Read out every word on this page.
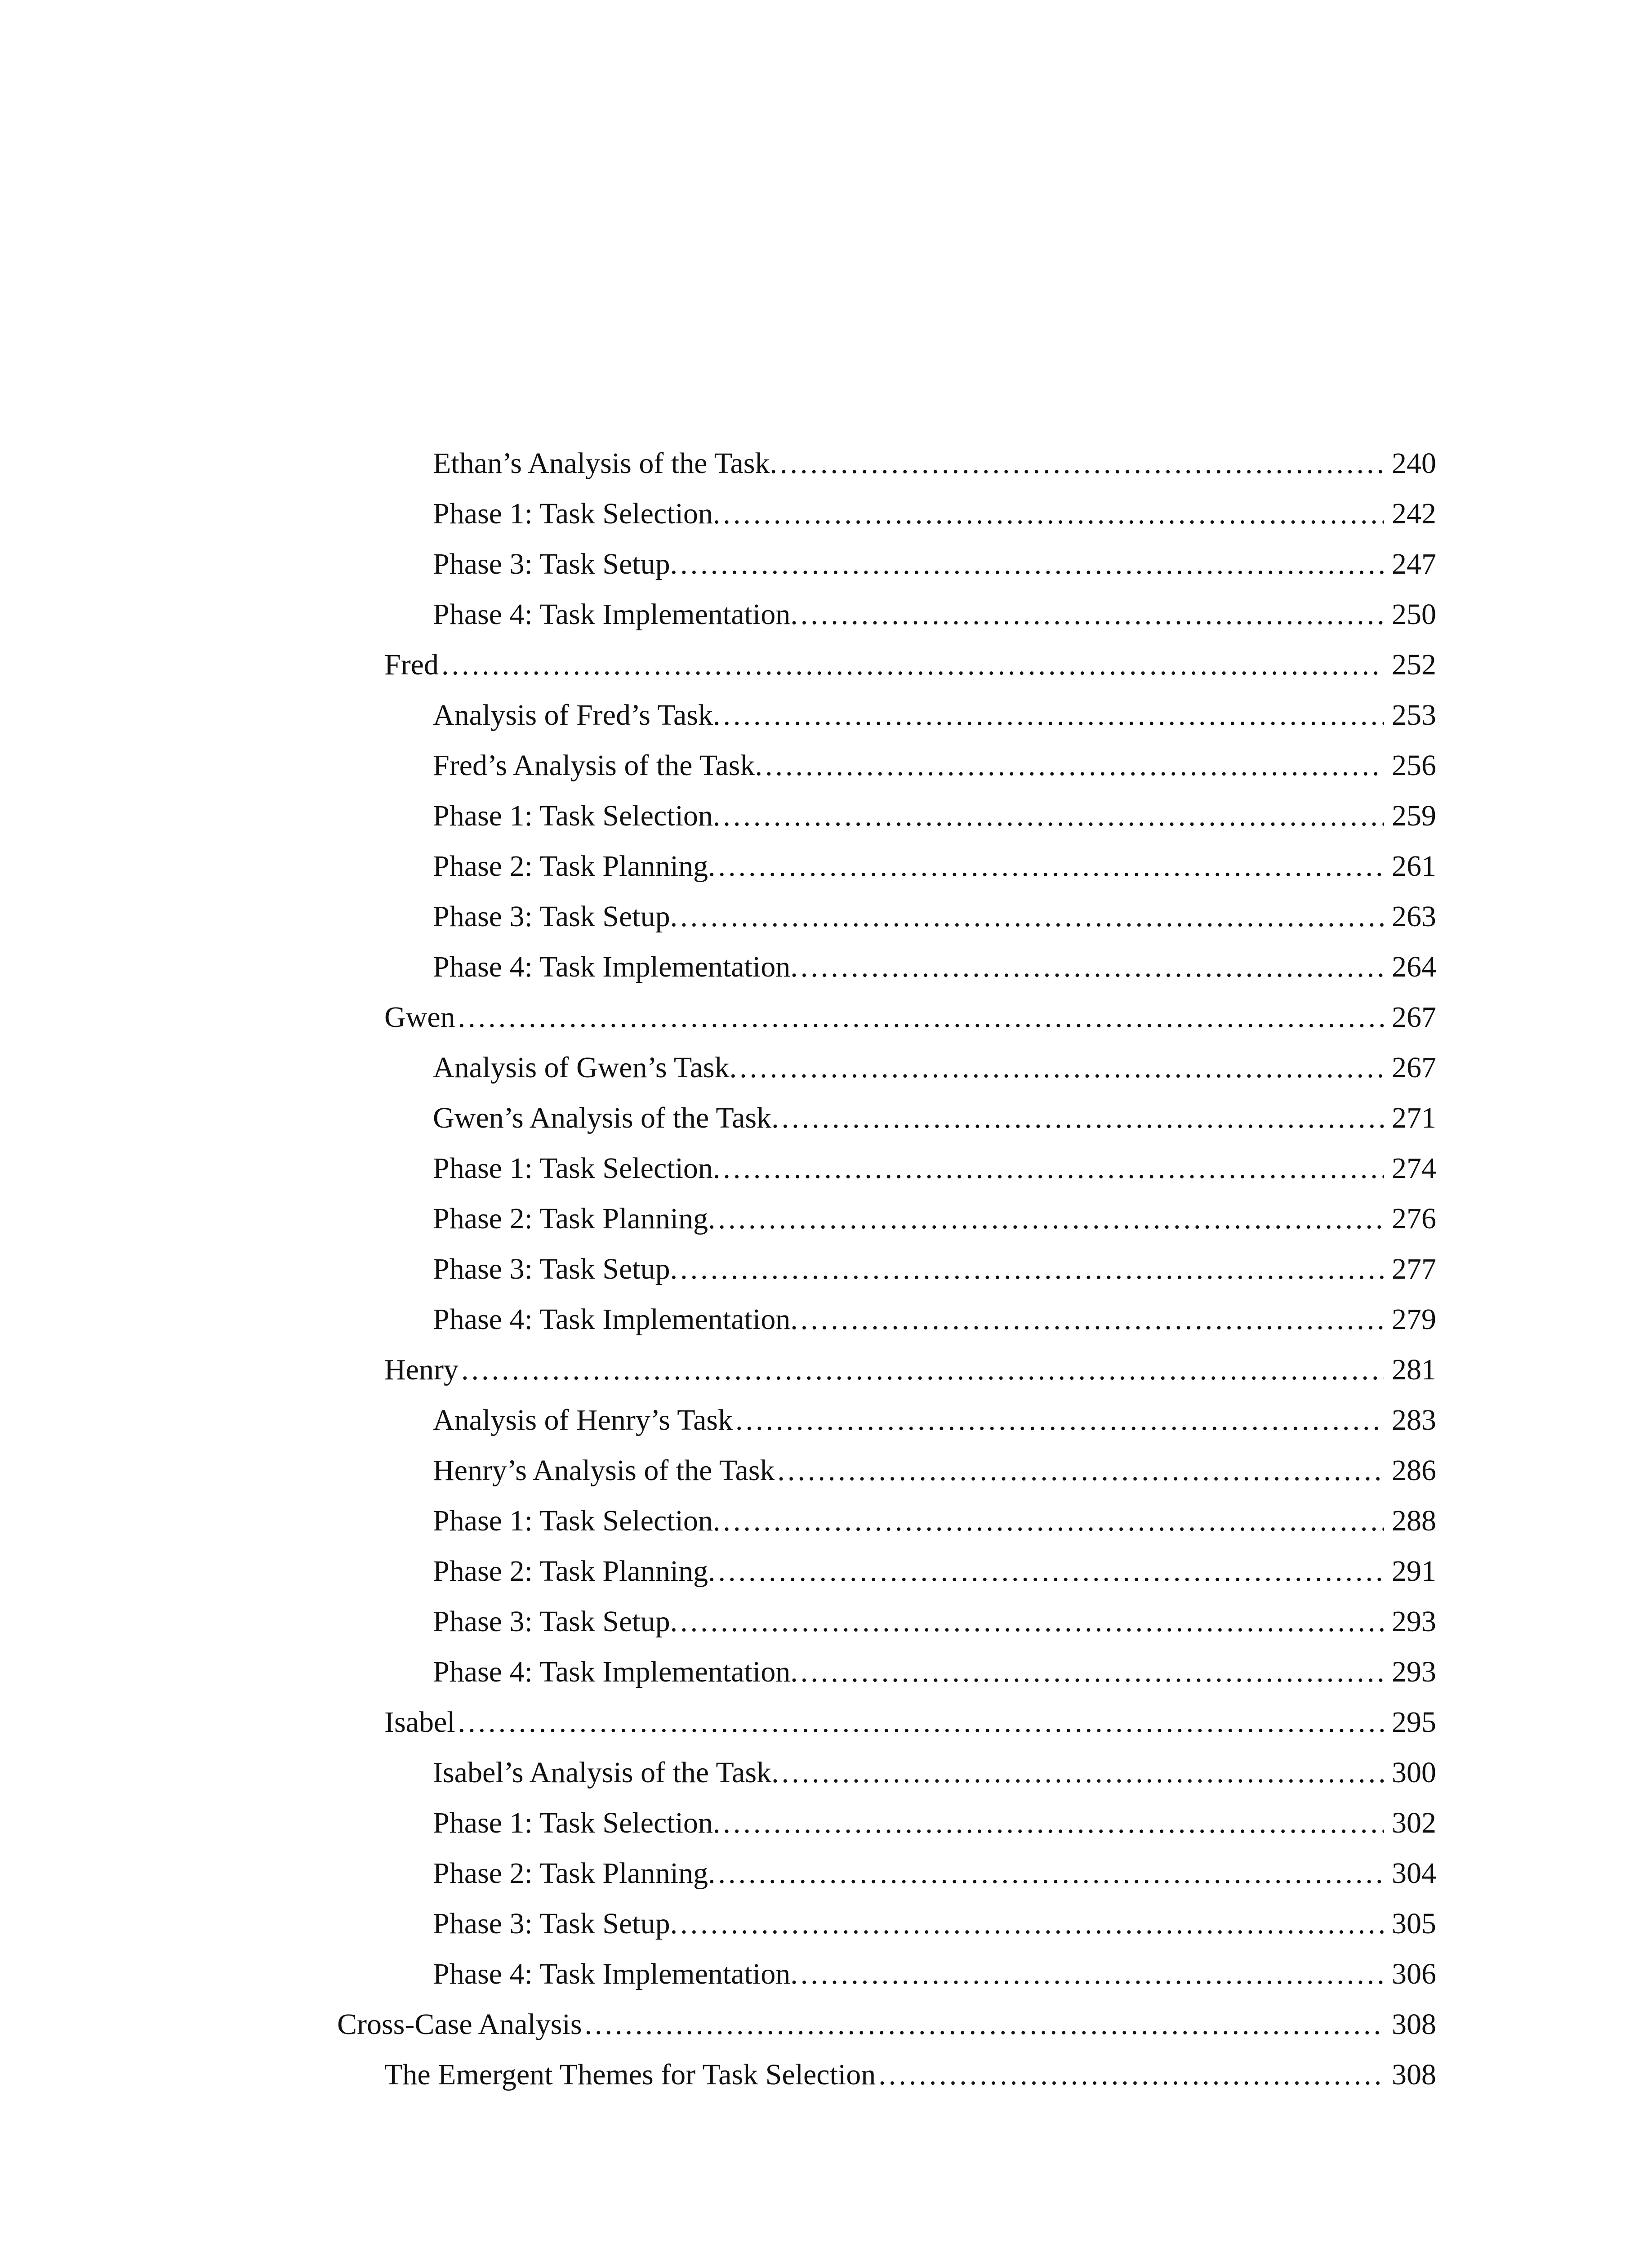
Ethan’s Analysis of the Task. .....	240
Phase 1: Task Selection. .....	242
Phase 3: Task Setup. .....	247
Phase 4: Task Implementation. .....	250
Fred .....	252
Analysis of Fred’s Task. .....	253
Fred’s Analysis of the Task. .....	256
Phase 1: Task Selection. .....	259
Phase 2: Task Planning. .....	261
Phase 3: Task Setup. .....	263
Phase 4: Task Implementation. .....	264
Gwen .....	267
Analysis of Gwen’s Task. .....	267
Gwen’s Analysis of the Task. .....	271
Phase 1: Task Selection. .....	274
Phase 2: Task Planning. .....	276
Phase 3: Task Setup. .....	277
Phase 4: Task Implementation. .....	279
Henry .....	281
Analysis of Henry’s Task .....	283
Henry’s Analysis of the Task .....	286
Phase 1: Task Selection. .....	288
Phase 2: Task Planning. .....	291
Phase 3: Task Setup. .....	293
Phase 4: Task Implementation. .....	293
Isabel .....	295
Isabel’s Analysis of the Task. .....	300
Phase 1: Task Selection. .....	302
Phase 2: Task Planning. .....	304
Phase 3: Task Setup. .....	305
Phase 4: Task Implementation. .....	306
Cross-Case Analysis .....	308
The Emergent Themes for Task Selection .....	308
